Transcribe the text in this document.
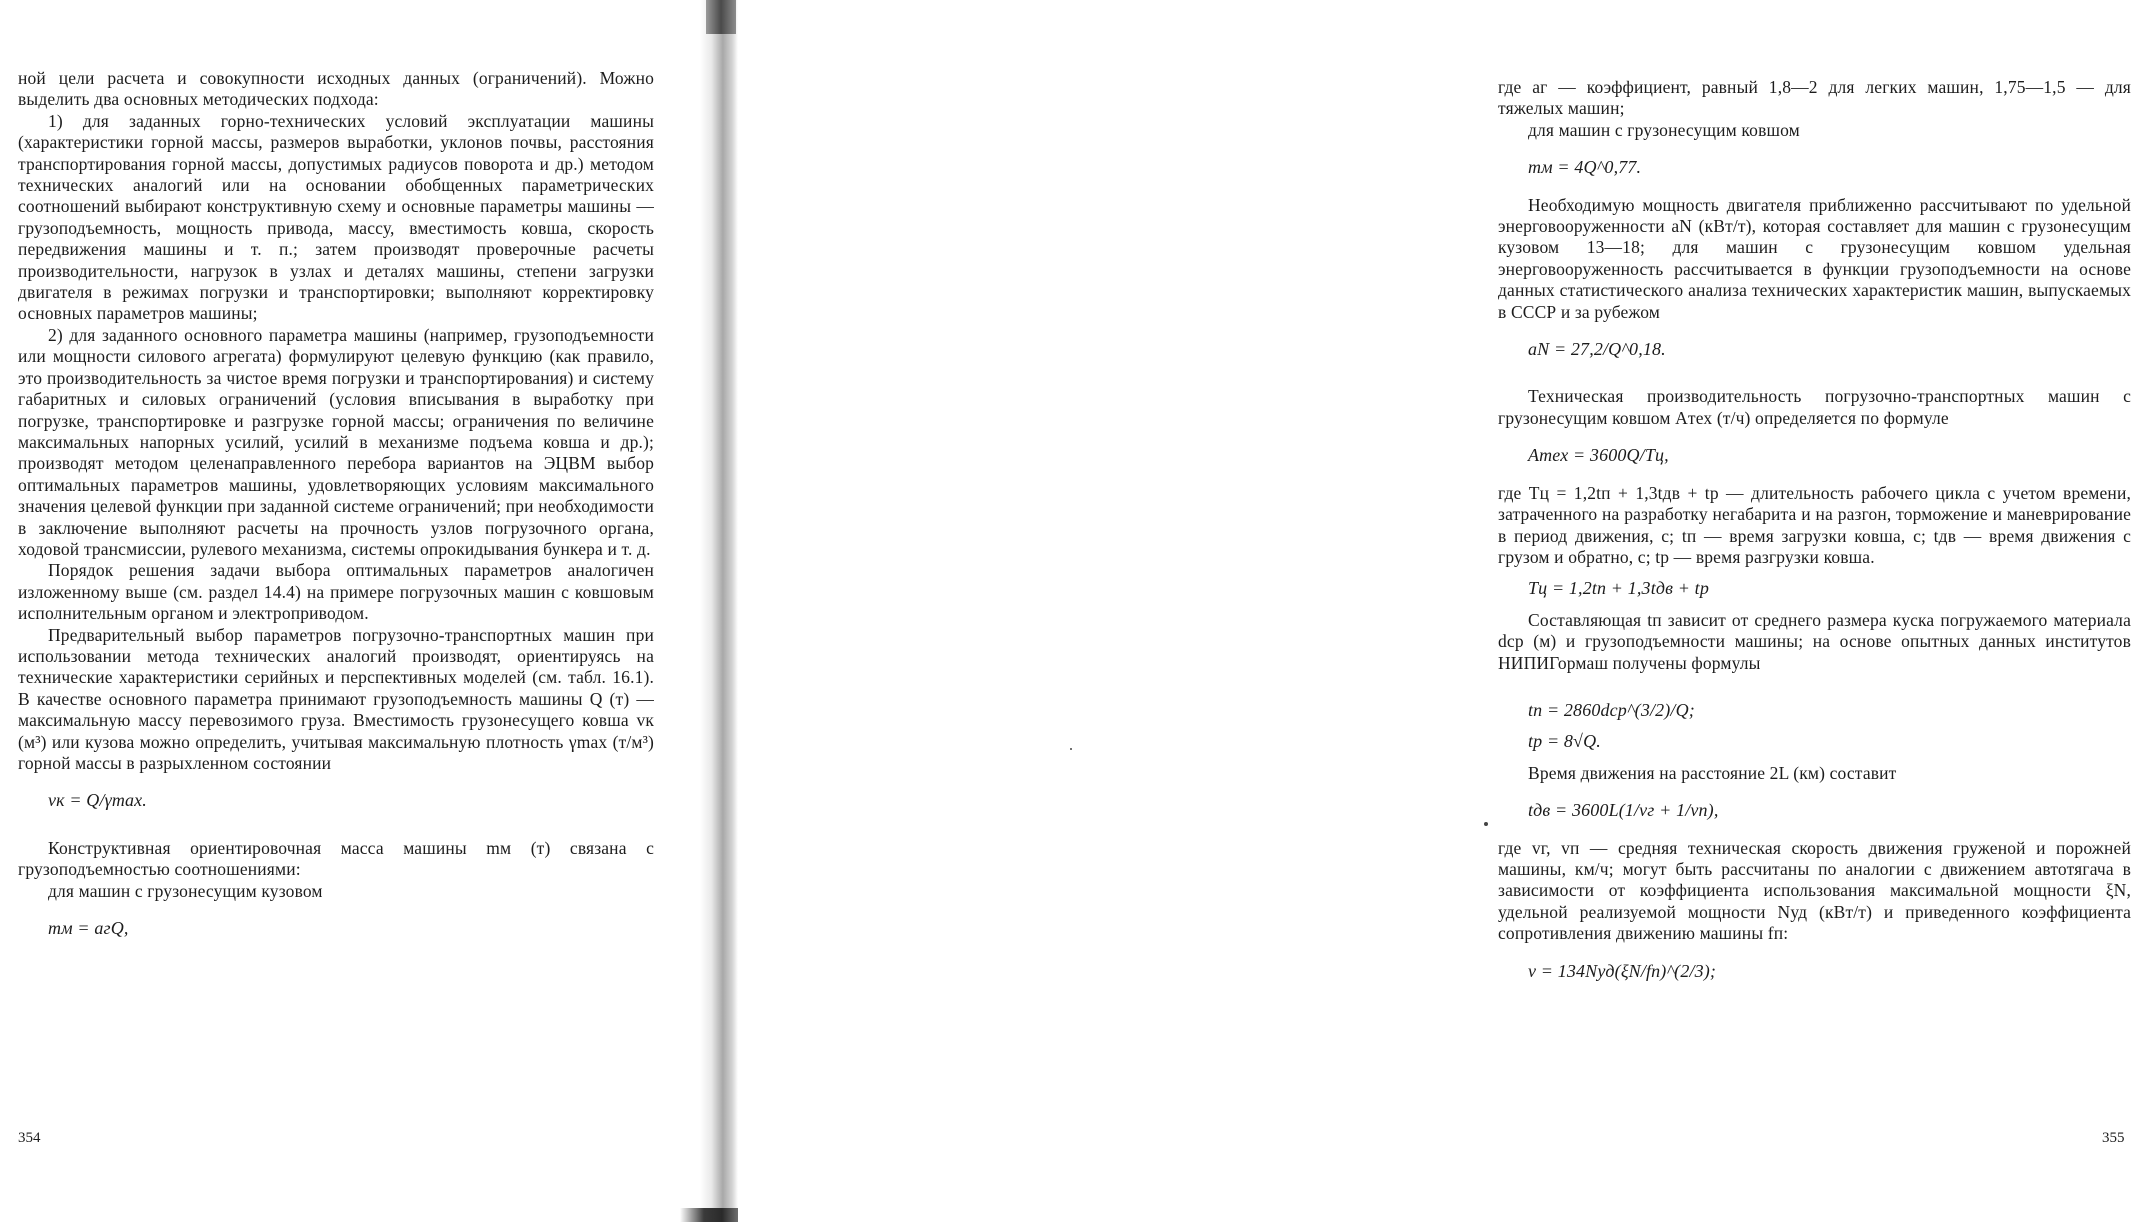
ной цели расчета и совокупности исходных данных (ограничений). Можно выделить два основных методических подхода:

1) для заданных горно-технических условий эксплуатации машины (характеристики горной массы, размеров выработки, уклонов почвы, расстояния транспортирования горной массы, допустимых радиусов поворота и др.) методом технических аналогий или на основании обобщенных параметрических соотношений выбирают конструктивную схему и основные параметры машины — грузоподъемность, мощность привода, массу, вместимость ковша, скорость передвижения машины и т. п.; затем производят проверочные расчеты производительности, нагрузок в узлах и деталях машины, степени загрузки двигателя в режимах погрузки и транспортировки; выполняют корректировку основных параметров машины;

2) для заданного основного параметра машины (например, грузоподъемности или мощности силового агрегата) формулируют целевую функцию (как правило, это производительность за чистое время погрузки и транспортирования) и систему габаритных и силовых ограничений (условия вписывания в выработку при погрузке, транспортировке и разгрузке горной массы; ограничения по величине максимальных напорных усилий, усилий в механизме подъема ковша и др.); производят методом целенаправленного перебора вариантов на ЭЦВМ выбор оптимальных параметров машины, удовлетворяющих условиям максимального значения целевой функции при заданной системе ограничений; при необходимости в заключение выполняют расчеты на прочность узлов погрузочного органа, ходовой трансмиссии, рулевого механизма, системы опрокидывания бункера и т. д.

Порядок решения задачи выбора оптимальных параметров аналогичен изложенному выше (см. раздел 14.4) на примере погрузочных машин с ковшовым исполнительным органом и электроприводом.

Предварительный выбор параметров погрузочно-транспортных машин при использовании метода технических аналогий производят, ориентируясь на технические характеристики серийных и перспективных моделей (см. табл. 16.1). В качестве основного параметра принимают грузоподъемность машины Q (т) — максимальную массу перевозимого груза. Вместимость грузонесущего ковша vк (м³) или кузова можно определить, учитывая максимальную плотность γmax (т/м³) горной массы в разрыхленном состоянии

vк = Q/γmax.

Конструктивная ориентировочная масса машины mм (т) связана с грузоподъемностью соотношениями:

для машин с грузонесущим кузовом

mм = aгQ,

354

где aг — коэффициент, равный 1,8—2 для легких машин, 1,75—1,5 — для тяжелых машин;

для машин с грузонесущим ковшом

mм = 4Q^0,77.

Необходимую мощность двигателя приближенно рассчитывают по удельной энерговооруженности aN (кВт/т), которая составляет для машин с грузонесущим кузовом 13—18; для машин с грузонесущим ковшом удельная энерговооруженность рассчитывается в функции грузоподъемности на основе данных статистического анализа технических характеристик машин, выпускаемых в СССР и за рубежом

aN = 27,2/Q^0,18.

Техническая производительность погрузочно-транспортных машин с грузонесущим ковшом Aтех (т/ч) определяется по формуле

Aтех = 3600Q/Tц,

где Tц = 1,2tп + 1,3tдв + tр — длительность рабочего цикла с учетом времени, затраченного на разработку негабарита и на разгон, торможение и маневрирование в период движения, с; tп — время загрузки ковша, с; tдв — время движения с грузом и обратно, с; tр — время разгрузки ковша.

Tц = 1,2tп + 1,3tдв + tр

Составляющая tп зависит от среднего размера куска погружаемого материала dср (м) и грузоподъемности машины; на основе опытных данных институтов НИПИГормаш получены формулы

tп = 2860dср^(3/2)/Q;

tр = 8√Q.

Время движения на расстояние 2L (км) составит

tдв = 3600L(1/vг + 1/vп),

где vг, vп — средняя техническая скорость движения груженой и порожней машины, км/ч; могут быть рассчитаны по аналогии с движением автотягача в зависимости от коэффициента использования максимальной мощности ξN, удельной реализуемой мощности Nуд (кВт/т) и приведенного коэффициента сопротивления движению машины fп:

v = 134Nуд(ξN/fп)^(2/3);

355
